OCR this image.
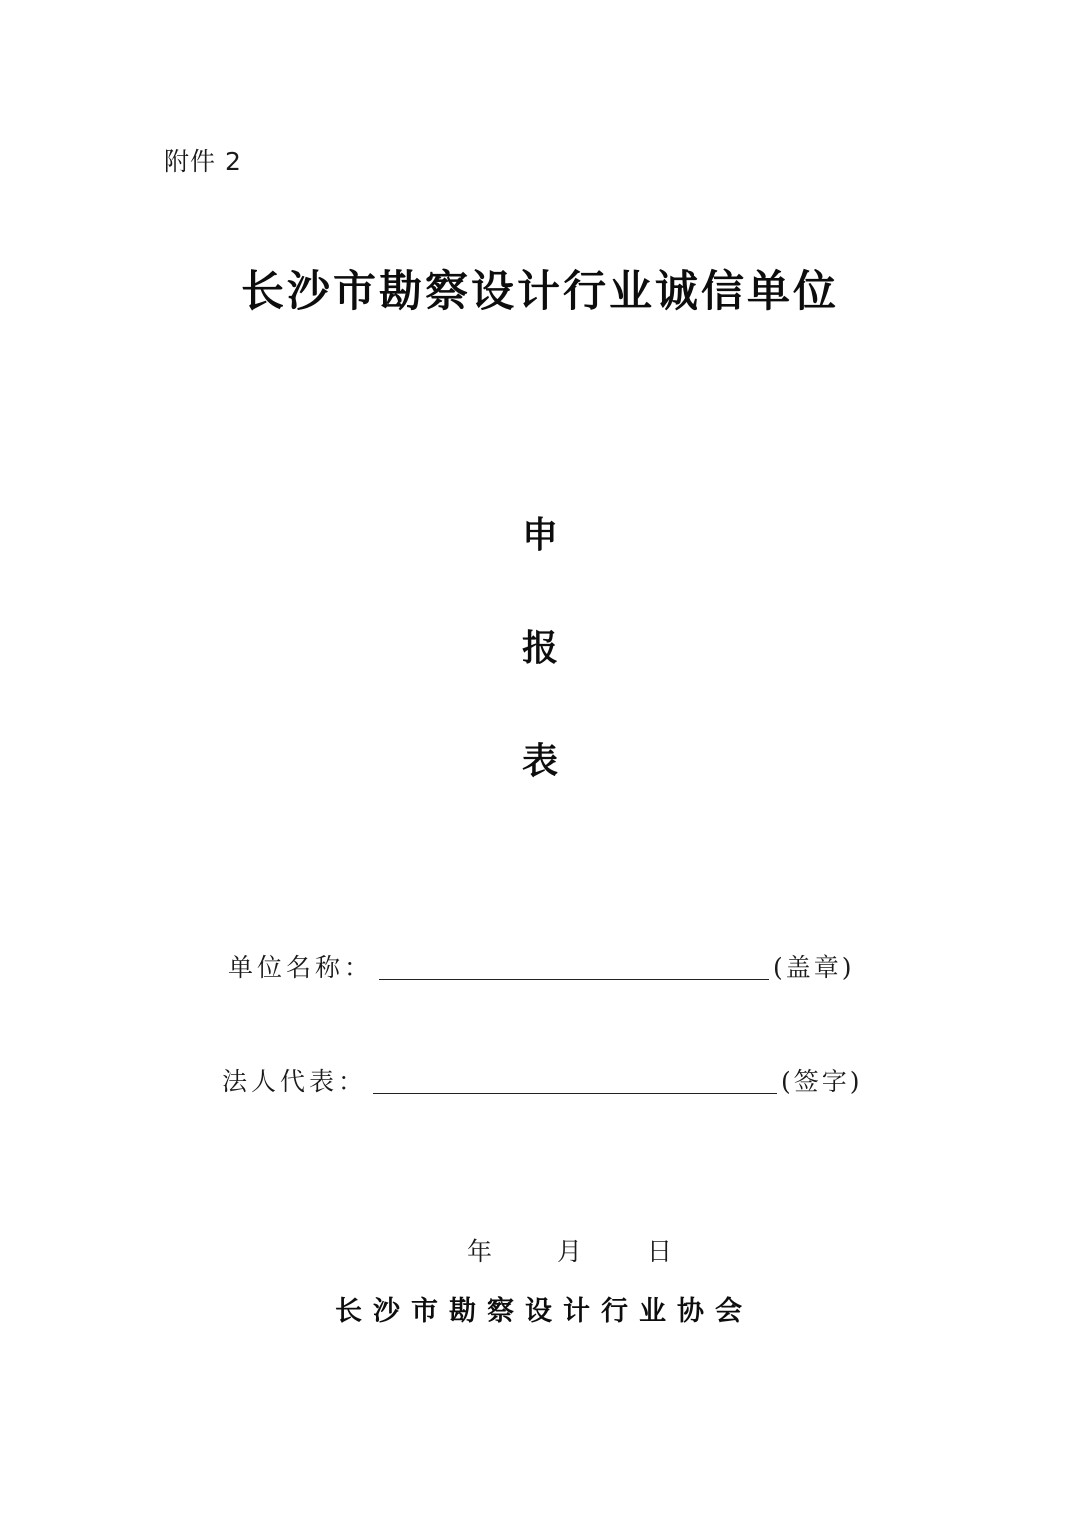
附件 2
长沙市勘察设计行业诚信单位
申
报
表
单位名称：	(盖章)
法人代表：	(签字)
年	月	日
长沙市勘察设计行业协会
